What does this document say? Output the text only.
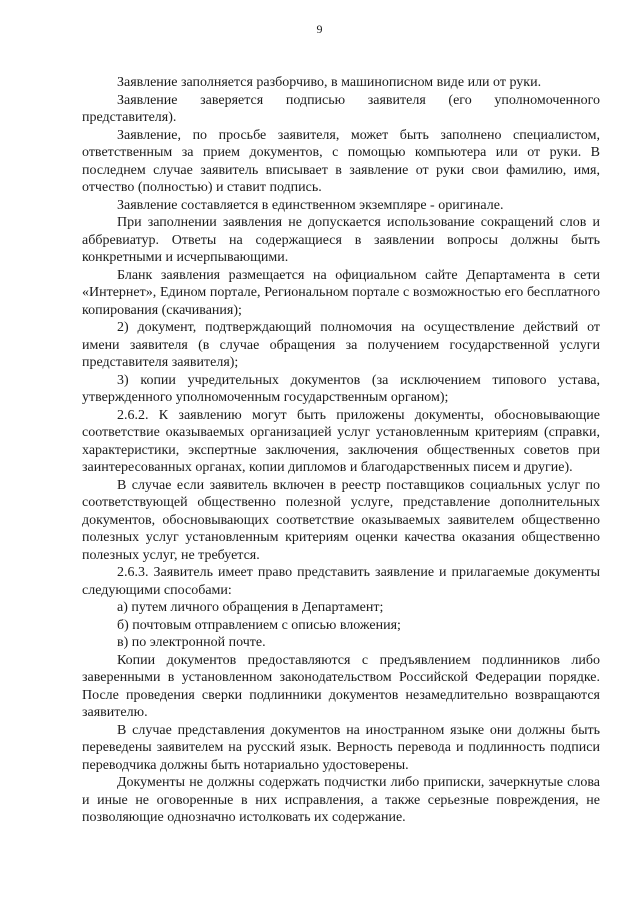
9

Заявление заполняется разборчиво, в машинописном виде или от руки.

Заявление заверяется подписью заявителя (его уполномоченного представителя).

Заявление, по просьбе заявителя, может быть заполнено специалистом, ответственным за прием документов, с помощью компьютера или от руки. В последнем случае заявитель вписывает в заявление от руки свои фамилию, имя, отчество (полностью) и ставит подпись.

Заявление составляется в единственном экземпляре - оригинале.

При заполнении заявления не допускается использование сокращений слов и аббревиатур. Ответы на содержащиеся в заявлении вопросы должны быть конкретными и исчерпывающими.

Бланк заявления размещается на официальном сайте Департамента в сети «Интернет», Едином портале, Региональном портале с возможностью его бесплатного копирования (скачивания);

2) документ, подтверждающий полномочия на осуществление действий от имени заявителя (в случае обращения за получением государственной услуги представителя заявителя);

3) копии учредительных документов (за исключением типового устава, утвержденного уполномоченным государственным органом);

2.6.2. К заявлению могут быть приложены документы, обосновывающие соответствие оказываемых организацией услуг установленным критериям (справки, характеристики, экспертные заключения, заключения общественных советов при заинтересованных органах, копии дипломов и благодарственных писем и другие).

В случае если заявитель включен в реестр поставщиков социальных услуг по соответствующей общественно полезной услуге, представление дополнительных документов, обосновывающих соответствие оказываемых заявителем общественно полезных услуг установленным критериям оценки качества оказания общественно полезных услуг, не требуется.

2.6.3. Заявитель имеет право представить заявление и прилагаемые документы следующими способами:

а) путем личного обращения в Департамент;

б) почтовым отправлением с описью вложения;

в) по электронной почте.

Копии документов предоставляются с предъявлением подлинников либо заверенными в установленном законодательством Российской Федерации порядке. После проведения сверки подлинники документов незамедлительно возвращаются заявителю.

В случае представления документов на иностранном языке они должны быть переведены заявителем на русский язык. Верность перевода и подлинность подписи переводчика должны быть нотариально удостоверены.

Документы не должны содержать подчистки либо приписки, зачеркнутые слова и иные не оговоренные в них исправления, а также серьезные повреждения, не позволяющие однозначно истолковать их содержание.
